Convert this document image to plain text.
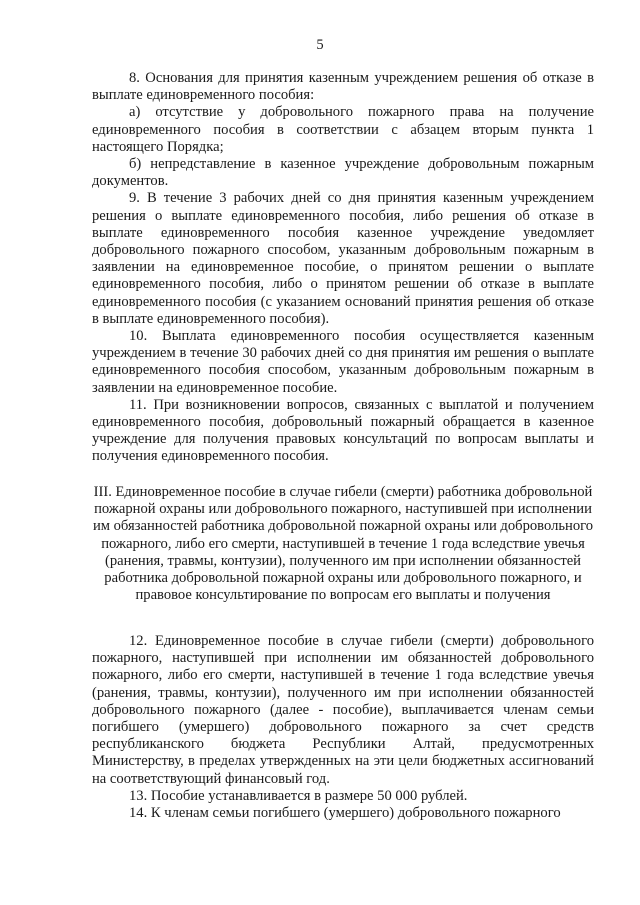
5

8. Основания для принятия казенным учреждением решения об отказе в выплате единовременного пособия:

а) отсутствие у добровольного пожарного права на получение единовременного пособия в соответствии с абзацем вторым пункта 1 настоящего Порядка;

б) непредставление в казенное учреждение добровольным пожарным документов.

9. В течение 3 рабочих дней со дня принятия казенным учреждением решения о выплате единовременного пособия, либо решения об отказе в выплате единовременного пособия казенное учреждение уведомляет добровольного пожарного способом, указанным добровольным пожарным в заявлении на единовременное пособие, о принятом решении о выплате единовременного пособия, либо о принятом решении об отказе в выплате единовременного пособия (с указанием оснований принятия решения об отказе в выплате единовременного пособия).

10. Выплата единовременного пособия осуществляется казенным учреждением в течение 30 рабочих дней со дня принятия им решения о выплате единовременного пособия способом, указанным добровольным пожарным в заявлении на единовременное пособие.

11. При возникновении вопросов, связанных с выплатой и получением единовременного пособия, добровольный пожарный обращается в казенное учреждение для получения правовых консультаций по вопросам выплаты и получения единовременного пособия.

III. Единовременное пособие в случае гибели (смерти) работника добровольной пожарной охраны или добровольного пожарного, наступившей при исполнении им обязанностей работника добровольной пожарной охраны или добровольного пожарного, либо его смерти, наступившей в течение 1 года вследствие увечья (ранения, травмы, контузии), полученного им при исполнении обязанностей работника добровольной пожарной охраны или добровольного пожарного, и правовое консультирование по вопросам его выплаты и получения

12. Единовременное пособие в случае гибели (смерти) добровольного пожарного, наступившей при исполнении им обязанностей добровольного пожарного, либо его смерти, наступившей в течение 1 года вследствие увечья (ранения, травмы, контузии), полученного им при исполнении обязанностей добровольного пожарного (далее - пособие), выплачивается членам семьи погибшего (умершего) добровольного пожарного за счет средств республиканского бюджета Республики Алтай, предусмотренных Министерству, в пределах утвержденных на эти цели бюджетных ассигнований на соответствующий финансовый год.

13. Пособие устанавливается в размере 50 000 рублей.

14. К членам семьи погибшего (умершего) добровольного пожарного
